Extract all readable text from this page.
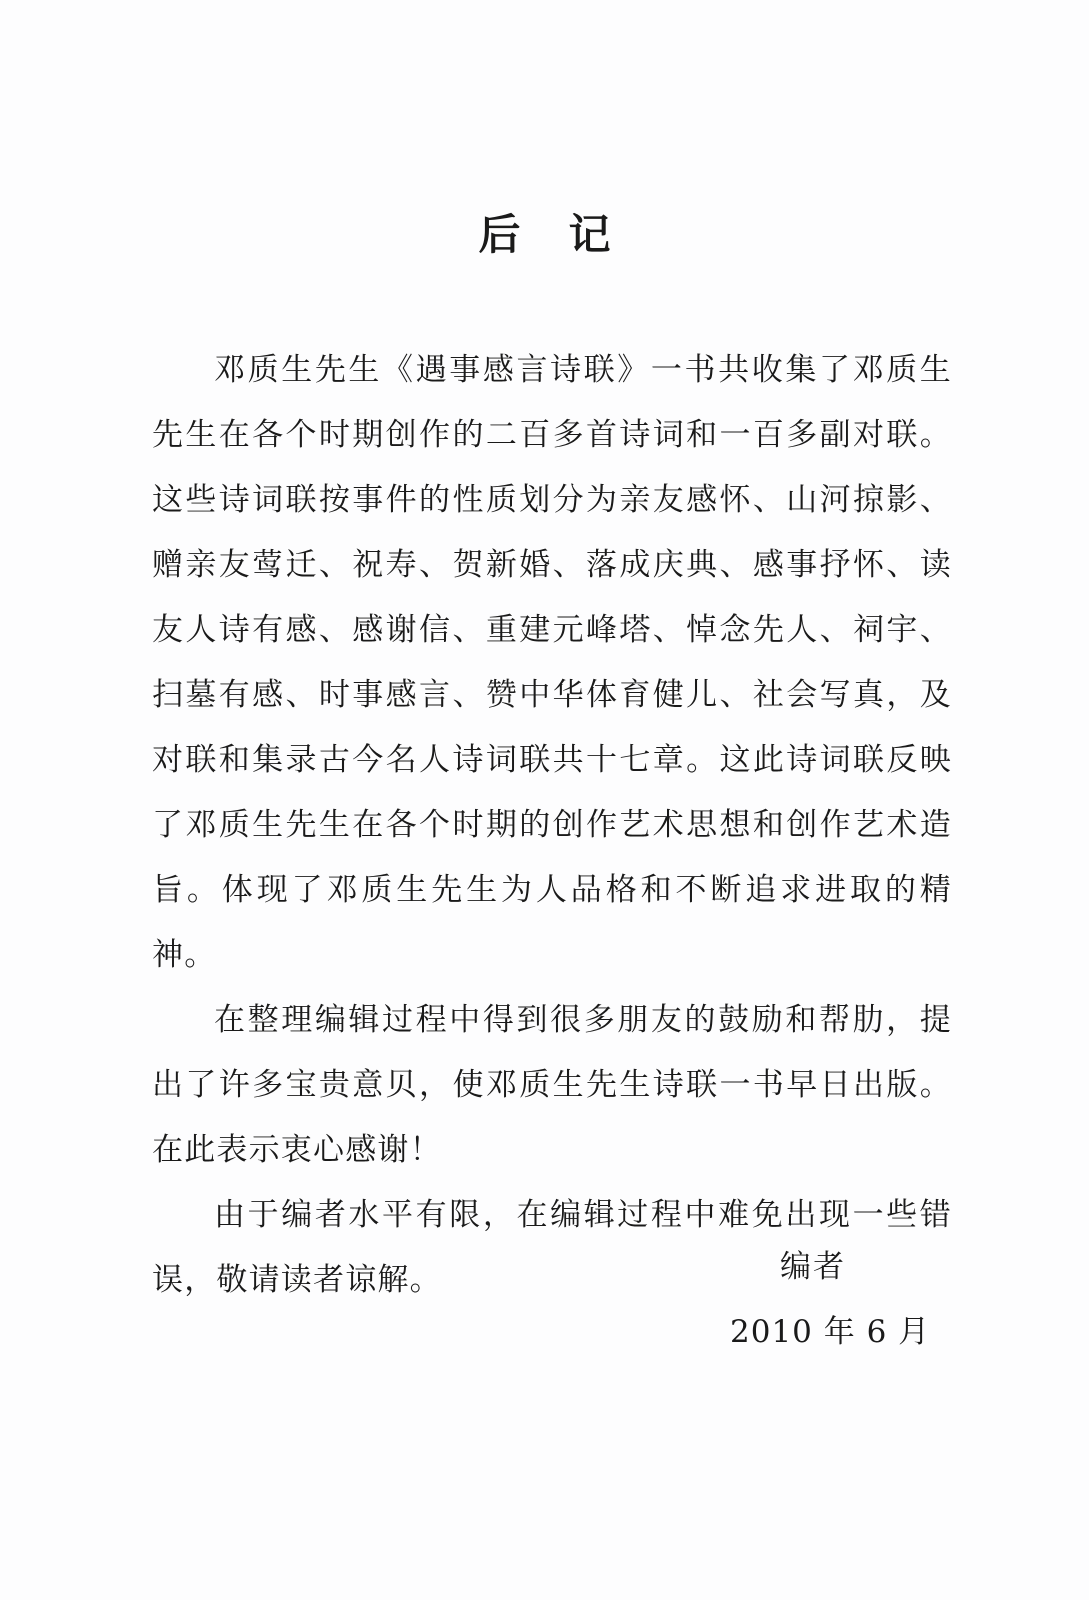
后记

邓质生先生《遇事感言诗联》一书共收集了邓质生先生在各个时期创作的二百多首诗词和一百多副对联。这些诗词联按事件的性质划分为亲友感怀、山河掠影、赠亲友莺迁、祝寿、贺新婚、落成庆典、感事抒怀、读友人诗有感、感谢信、重建元峰塔、悼念先人、祠宇、扫墓有感、时事感言、赞中华体育健儿、社会写真，及对联和集录古今名人诗词联共十七章。这此诗词联反映了邓质生先生在各个时期的创作艺术思想和创作艺术造旨。体现了邓质生先生为人品格和不断追求进取的精神。

在整理编辑过程中得到很多朋友的鼓励和帮肋，提出了许多宝贵意贝，使邓质生先生诗联一书早日出版。在此表示衷心感谢！

由于编者水平有限，在编辑过程中难免出现一些错误，敬请读者谅解。	编者
2010 年 6 月
